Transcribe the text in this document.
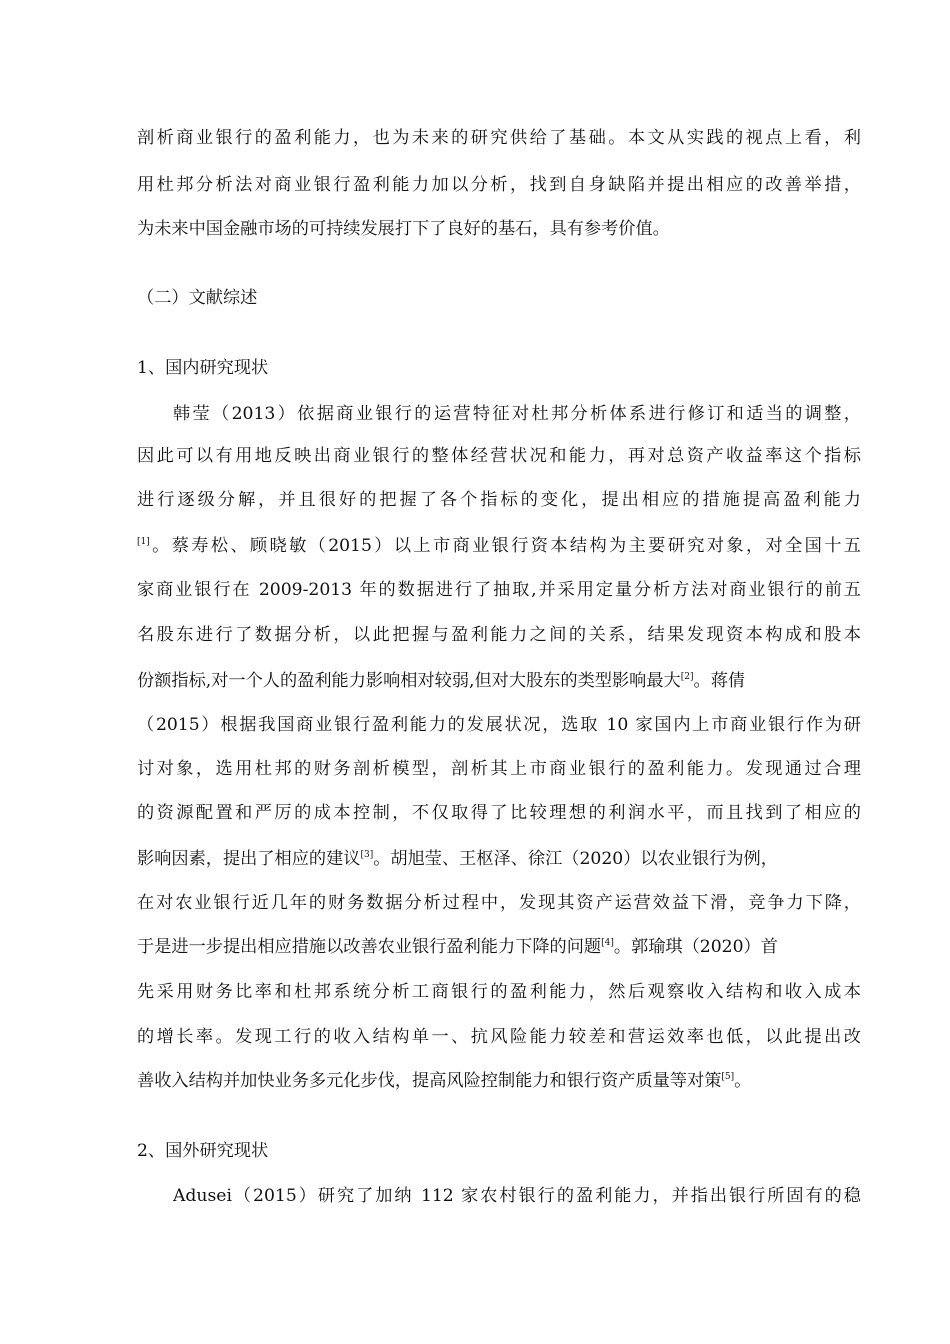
剖析商业银行的盈利能力，也为未来的研究供给了基础。本文从实践的视点上看，利
用杜邦分析法对商业银行盈利能力加以分析，找到自身缺陷并提出相应的改善举措，
为未来中国金融市场的可持续发展打下了良好的基石，具有参考价值。
（二）文献综述
1、国内研究现状
韩莹（2013）依据商业银行的运营特征对杜邦分析体系进行修订和适当的调整，
因此可以有用地反映出商业银行的整体经营状况和能力，再对总资产收益率这个指标
进行逐级分解，并且很好的把握了各个指标的变化，提出相应的措施提高盈利能力
[1]。蔡寿松、顾晓敏（2015）以上市商业银行资本结构为主要研究对象，对全国十五
家商业银行在 2009-2013 年的数据进行了抽取,并采用定量分析方法对商业银行的前五
名股东进行了数据分析，以此把握与盈利能力之间的关系，结果发现资本构成和股本
份额指标,对一个人的盈利能力影响相对较弱,但对大股东的类型影响最大[2]。蒋倩
（2015）根据我国商业银行盈利能力的发展状况，选取 10 家国内上市商业银行作为研
讨对象，选用杜邦的财务剖析模型，剖析其上市商业银行的盈利能力。发现通过合理
的资源配置和严厉的成本控制，不仅取得了比较理想的利润水平，而且找到了相应的
影响因素，提出了相应的建议[3]。胡旭莹、王枢泽、徐江（2020）以农业银行为例，
在对农业银行近几年的财务数据分析过程中，发现其资产运营效益下滑，竞争力下降，
于是进一步提出相应措施以改善农业银行盈利能力下降的问题[4]。郭瑜琪（2020）首
先采用财务比率和杜邦系统分析工商银行的盈利能力，然后观察收入结构和收入成本
的增长率。发现工行的收入结构单一、抗风险能力较差和营运效率也低，以此提出改
善收入结构并加快业务多元化步伐，提高风险控制能力和银行资产质量等对策[5]。
2、国外研究现状
Adusei（2015）研究了加纳 112 家农村银行的盈利能力，并指出银行所固有的稳
